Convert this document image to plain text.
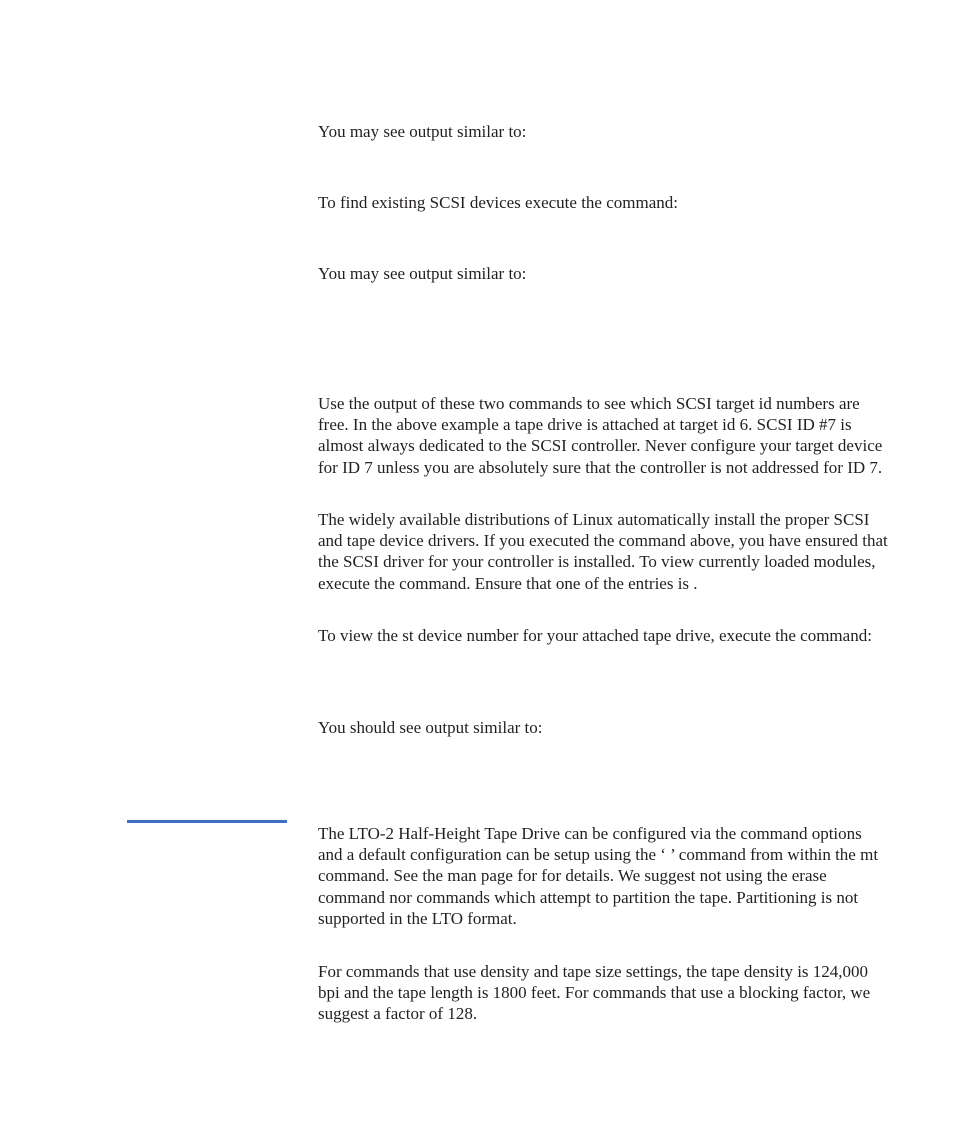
You may see output similar to:

To find existing SCSI devices execute the command:

You may see output similar to:

Use the output of these two commands to see which SCSI target id numbers are free. In the above example a tape drive is attached at target id 6. SCSI ID #7 is almost always dedicated to the SCSI controller. Never configure your target device for ID 7 unless you are absolutely sure that the controller is not addressed for ID 7.

The widely available distributions of Linux automatically install the proper SCSI and tape device drivers. If you executed the command above, you have ensured that the SCSI driver for your controller is installed. To view currently loaded modules, execute the command. Ensure that one of the entries is .

To view the st device number for your attached tape drive, execute the command:

You should see output similar to:

The LTO-2 Half-Height Tape Drive can be configured via the command options and a default configuration can be setup using the ‘ ’ command from within the mt command. See the man page for for details. We suggest not using the erase command nor commands which attempt to partition the tape. Partitioning is not supported in the LTO format.

For commands that use density and tape size settings, the tape density is 124,000 bpi and the tape length is 1800 feet. For commands that use a blocking factor, we suggest a factor of 128.
